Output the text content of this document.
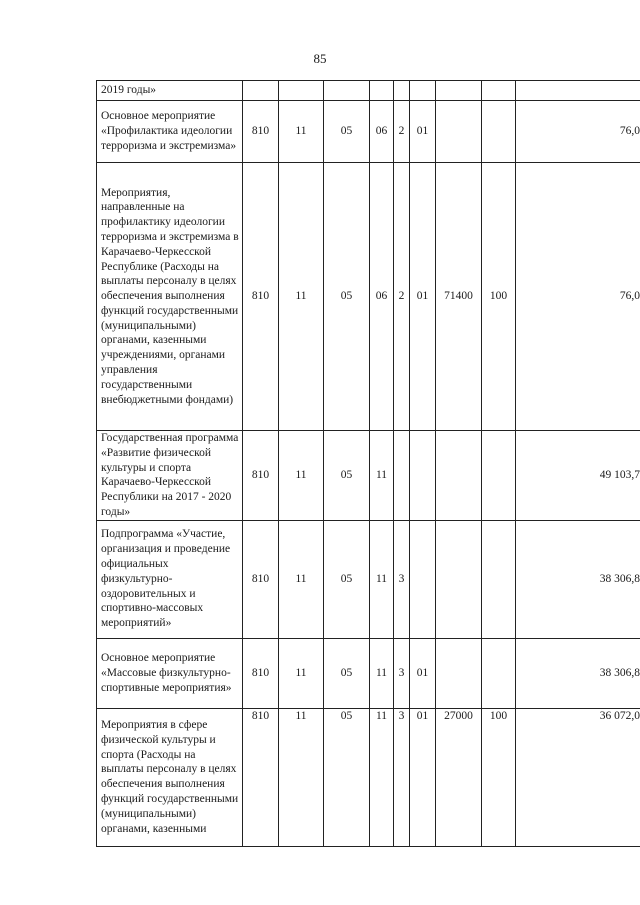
85
2019 годы»									
Основное мероприятие «Профилактика идеологии терроризма и экстремизма»	810	11	05	06	2	01			76,0
Мероприятия, направленные на профилактику идеологии терроризма и экстремизма в Карачаево-Черкесской Республике (Расходы на выплаты персоналу в целях обеспечения выполнения функций государственными (муниципальными) органами, казенными учреждениями, органами управления государственными внебюджетными фондами)	810	11	05	06	2	01	71400	100	76,0
Государственная программа «Развитие физической культуры и спорта Карачаево-Черкесской Республики на 2017 - 2020 годы»	810	11	05	11					49 103,7
Подпрограмма «Участие, организация и проведение официальных физкультурно-оздоровительных и спортивно-массовых мероприятий»	810	11	05	11	3				38 306,8
Основное мероприятие «Массовые физкультурно-спортивные мероприятия»	810	11	05	11	3	01			38 306,8
Мероприятия в сфере физической культуры и спорта (Расходы на выплаты персоналу в целях обеспечения выполнения функций государственными (муниципальными) органами, казенными	810	11	05	11	3	01	27000	100	36 072,0
